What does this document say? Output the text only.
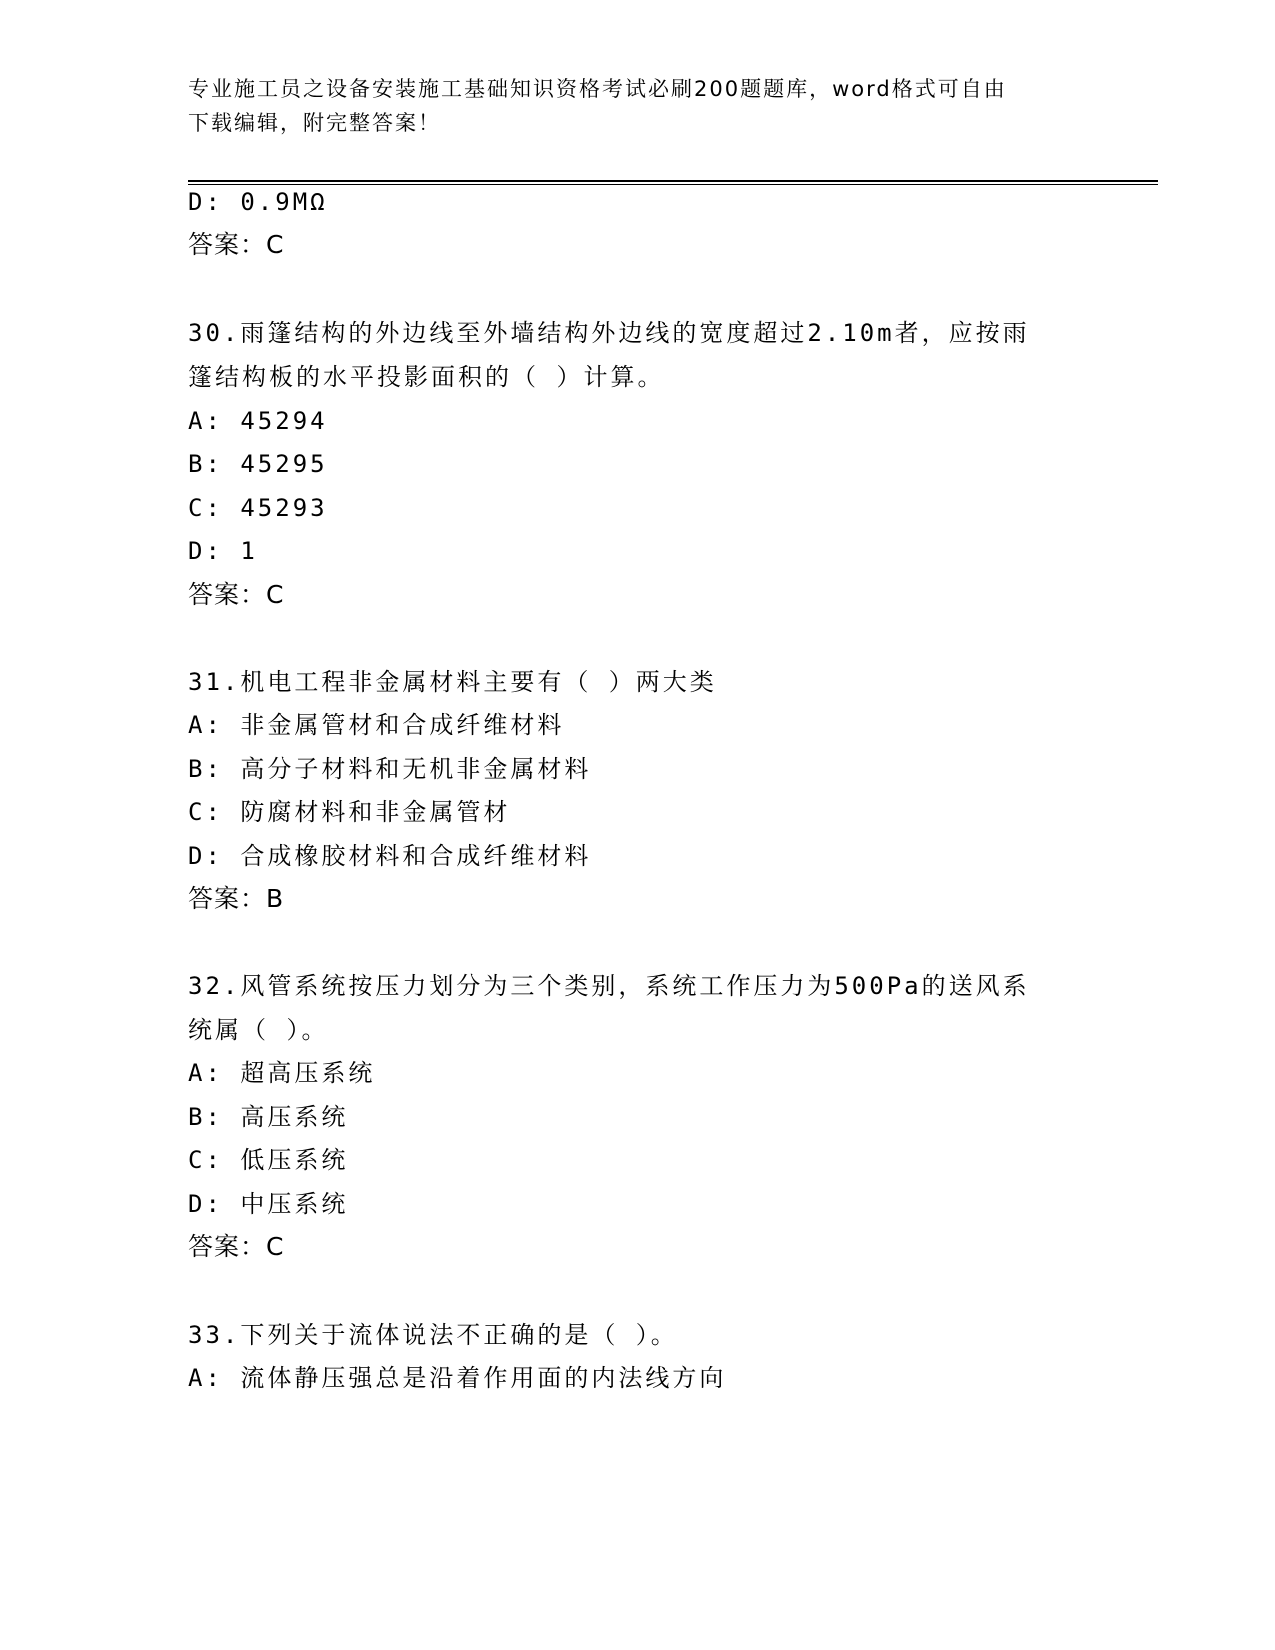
专业施工员之设备安装施工基础知识资格考试必刷200题题库，word格式可自由
下载编辑，附完整答案！
D: 0.9MΩ
答案：C
30.雨篷结构的外边线至外墙结构外边线的宽度超过2.10m者，应按雨
篷结构板的水平投影面积的（ ）计算。
A: 45294
B: 45295
C: 45293
D: 1
答案：C
31.机电工程非金属材料主要有（ ）两大类
A: 非金属管材和合成纤维材料
B: 高分子材料和无机非金属材料
C: 防腐材料和非金属管材
D: 合成橡胶材料和合成纤维材料
答案：B
32.风管系统按压力划分为三个类别，系统工作压力为500Pa的送风系
统属（ ）。
A: 超高压系统
B: 高压系统
C: 低压系统
D: 中压系统
答案：C
33.下列关于流体说法不正确的是（ ）。
A: 流体静压强总是沿着作用面的内法线方向
